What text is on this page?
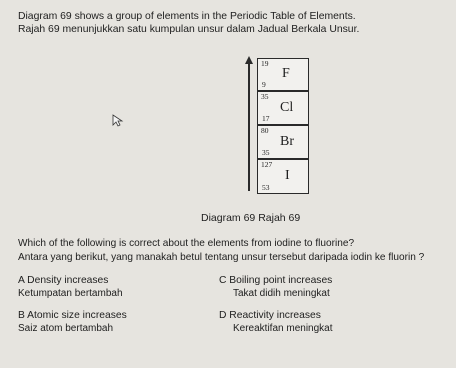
Diagram 69 shows a group of elements in the Periodic Table of Elements.
Rajah 69 menunjukkan satu kumpulan unsur dalam Jadual Berkala Unsur.
19
F
9
35
Cl
17
80
Br
35
127
I
53
Diagram 69 Rajah 69
Which of the following is correct about the elements from iodine to fluorine?
Antara yang berikut, yang manakah betul tentang unsur tersebut daripada iodin ke fluorin ?
A Density increases
Ketumpatan bertambah
B Atomic size increases
Saiz atom bertambah
C Boiling point increases
Takat didih meningkat
D Reactivity increases
Kereaktifan meningkat
